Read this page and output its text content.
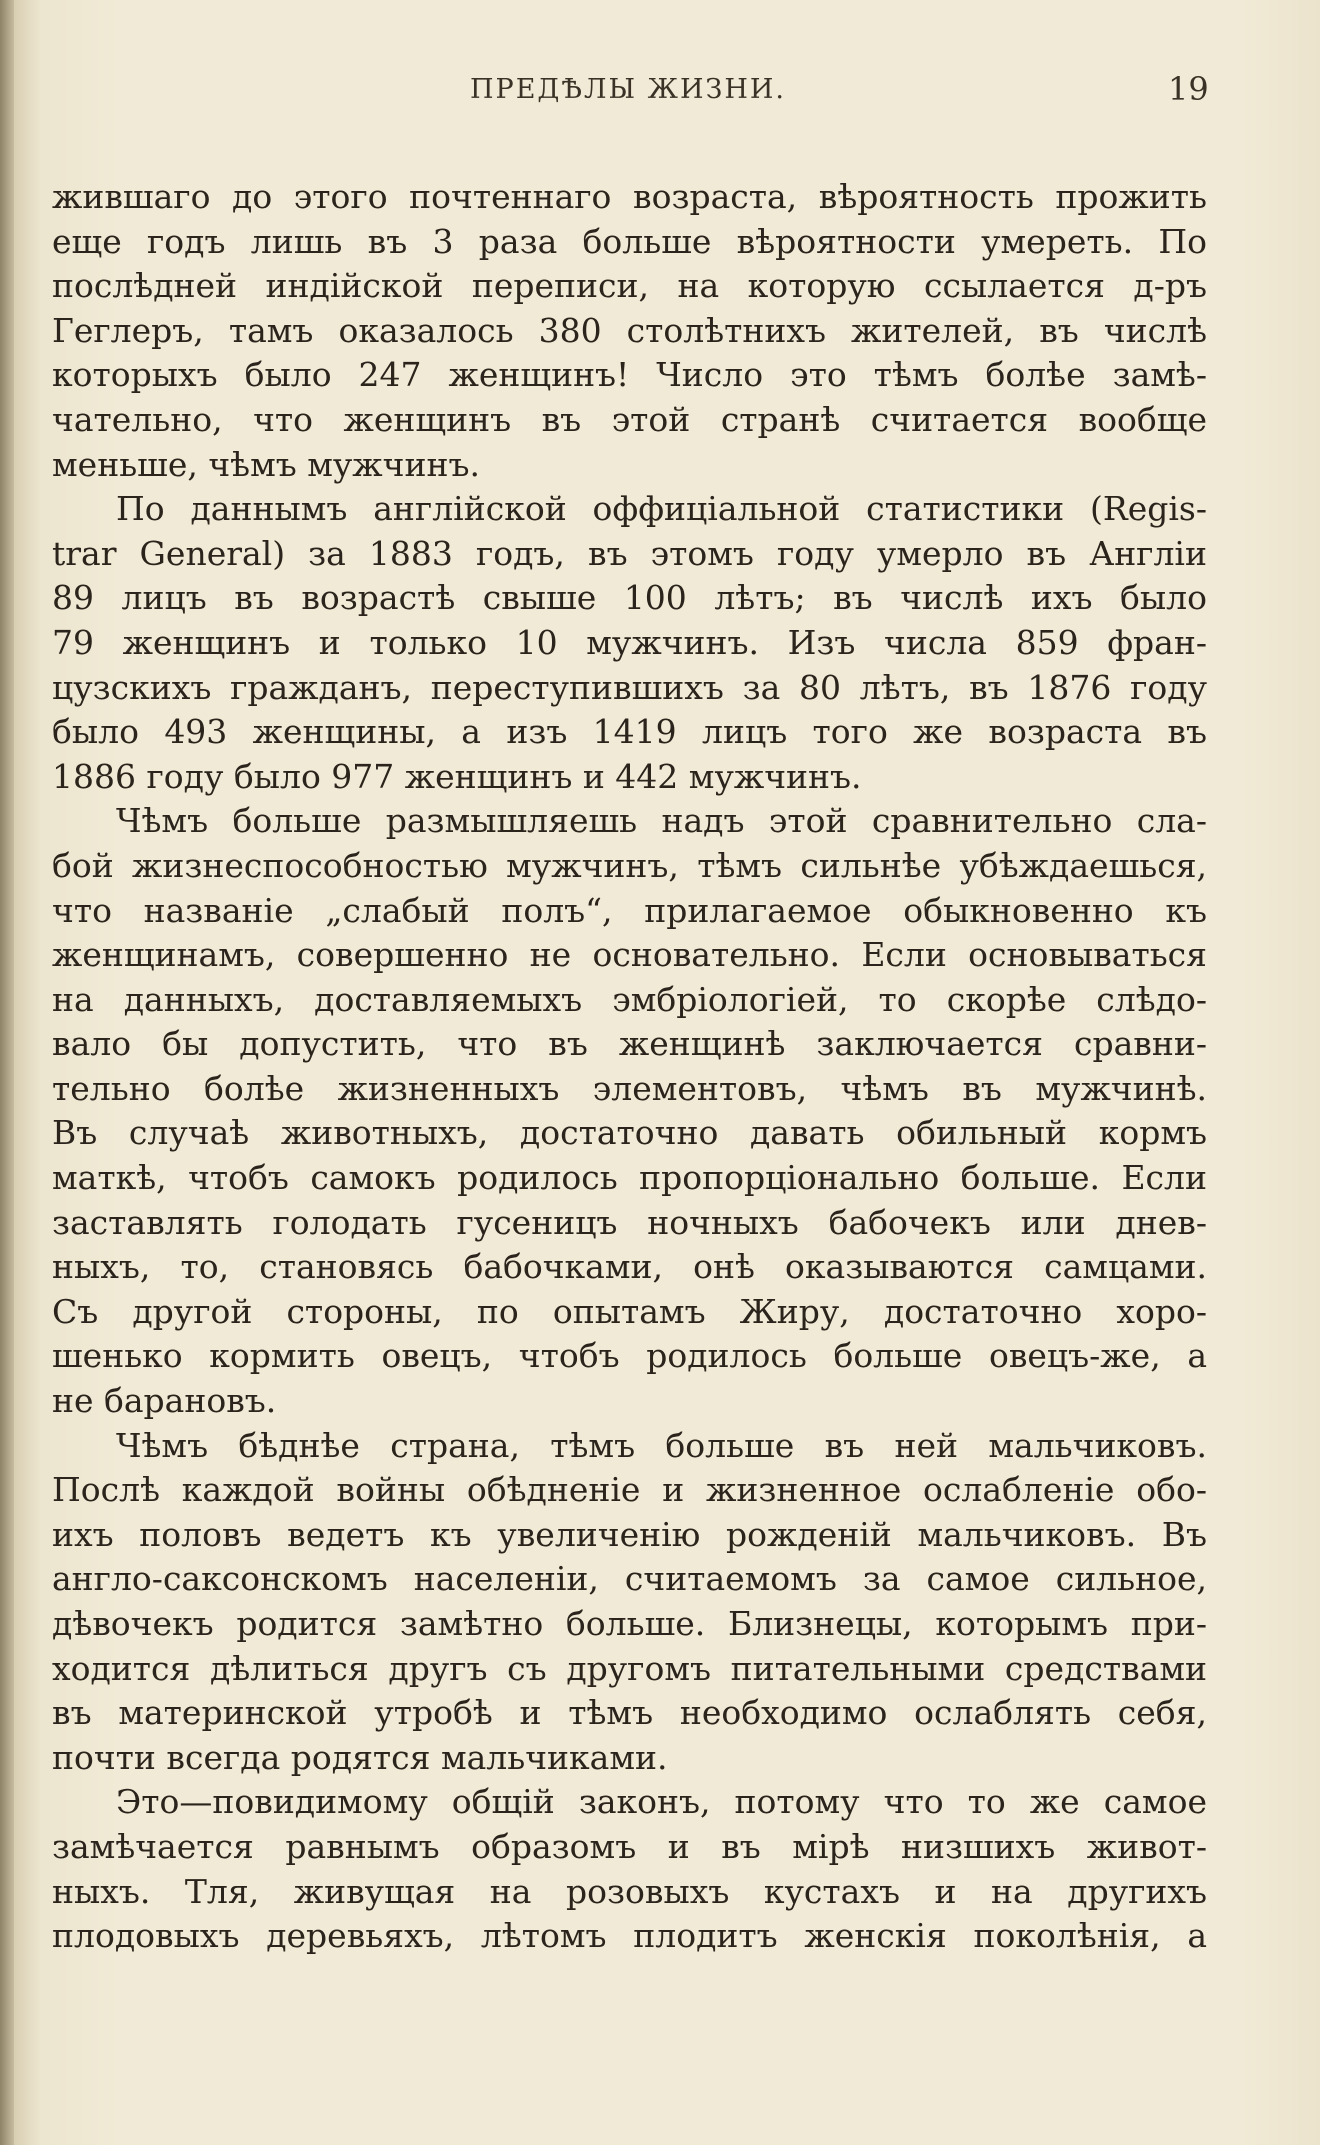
ПРЕДѢЛЫ ЖИЗНИ.	19
жившаго до этого почтеннаго возраста, вѣроятность прожить
еще годъ лишь въ 3 раза больше вѣроятности умереть. По
послѣдней индійской переписи, на которую ссылается д-ръ
Геглеръ, тамъ оказалось 380 столѣтнихъ жителей, въ числѣ
которыхъ было 247 женщинъ! Число это тѣмъ болѣе замѣ-
чательно, что женщинъ въ этой странѣ считается вообще
меньше, чѣмъ мужчинъ.
По даннымъ англійской оффиціальной статистики (Regis-
trar General) за 1883 годъ, въ этомъ году умерло въ Англіи
89 лицъ въ возрастѣ свыше 100 лѣтъ; въ числѣ ихъ было
79 женщинъ и только 10 мужчинъ. Изъ числа 859 фран-
цузскихъ гражданъ, переступившихъ за 80 лѣтъ, въ 1876 году
было 493 женщины, а изъ 1419 лицъ того же возраста въ
1886 году было 977 женщинъ и 442 мужчинъ.
Чѣмъ больше размышляешь надъ этой сравнительно сла-
бой жизнеспособностью мужчинъ, тѣмъ сильнѣе убѣждаешься,
что названіе „слабый полъ“, прилагаемое обыкновенно къ
женщинамъ, совершенно не основательно. Если основываться
на данныхъ, доставляемыхъ эмбріологіей, то скорѣе слѣдо-
вало бы допустить, что въ женщинѣ заключается сравни-
тельно болѣе жизненныхъ элементовъ, чѣмъ въ мужчинѣ.
Въ случаѣ животныхъ, достаточно давать обильный кормъ
маткѣ, чтобъ самокъ родилось пропорціонально больше. Если
заставлять голодать гусеницъ ночныхъ бабочекъ или днев-
ныхъ, то, становясь бабочками, онѣ оказываются самцами.
Съ другой стороны, по опытамъ Жиру, достаточно хоро-
шенько кормить овецъ, чтобъ родилось больше овецъ-же, а
не барановъ.
Чѣмъ бѣднѣе страна, тѣмъ больше въ ней мальчиковъ.
Послѣ каждой войны обѣдненіе и жизненное ослабленіе обо-
ихъ половъ ведетъ къ увеличенію рожденій мальчиковъ. Въ
англо-саксонскомъ населеніи, считаемомъ за самое сильное,
дѣвочекъ родится замѣтно больше. Близнецы, которымъ при-
ходится дѣлиться другъ съ другомъ питательными средствами
въ материнской утробѣ и тѣмъ необходимо ослаблять себя,
почти всегда родятся мальчиками.
Это—повидимому общій законъ, потому что то же самое
замѣчается равнымъ образомъ и въ мірѣ низшихъ живот-
ныхъ. Тля, живущая на розовыхъ кустахъ и на другихъ
плодовыхъ деревьяхъ, лѣтомъ плодитъ женскія поколѣнія, а
